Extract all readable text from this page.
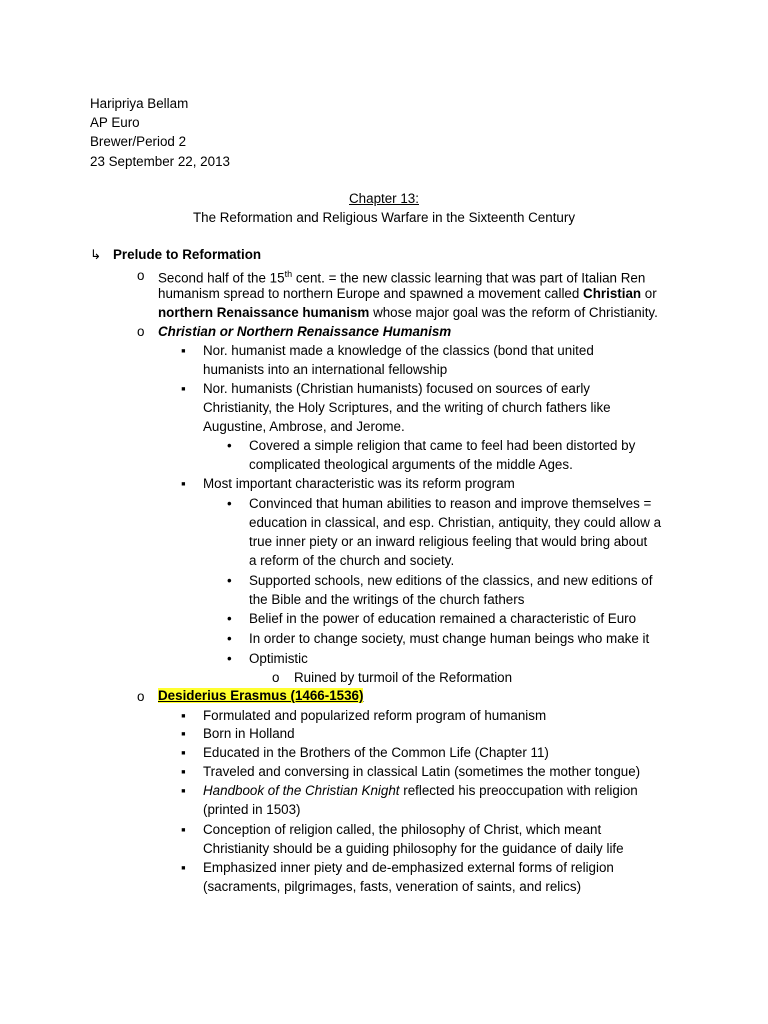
Haripriya Bellam
AP Euro
Brewer/Period 2
23 September 22, 2013
Chapter 13:
The Reformation and Religious Warfare in the Sixteenth Century
↳ Prelude to Reformation
o Second half of the 15th cent. = the new classic learning that was part of Italian Ren
humanism spread to northern Europe and spawned a movement called Christian or
northern Renaissance humanism whose major goal was the reform of Christianity.
o Christian or Northern Renaissance Humanism
▪ Nor. humanist made a knowledge of the classics (bond that united
humanists into an international fellowship
▪ Nor. humanists (Christian humanists) focused on sources of early
Christianity, the Holy Scriptures, and the writing of church fathers like
Augustine, Ambrose, and Jerome.
• Covered a simple religion that came to feel had been distorted by
complicated theological arguments of the middle Ages.
▪ Most important characteristic was its reform program
• Convinced that human abilities to reason and improve themselves =
education in classical, and esp. Christian, antiquity, they could allow a
true inner piety or an inward religious feeling that would bring about
a reform of the church and society.
• Supported schools, new editions of the classics, and new editions of
the Bible and the writings of the church fathers
• Belief in the power of education remained a characteristic of Euro
• In order to change society, must change human beings who make it
• Optimistic
o Ruined by turmoil of the Reformation
o Desiderius Erasmus (1466-1536)
▪ Formulated and popularized reform program of humanism
▪ Born in Holland
▪ Educated in the Brothers of the Common Life (Chapter 11)
▪ Traveled and conversing in classical Latin (sometimes the mother tongue)
▪ Handbook of the Christian Knight reflected his preoccupation with religion
(printed in 1503)
▪ Conception of religion called, the philosophy of Christ, which meant
Christianity should be a guiding philosophy for the guidance of daily life
▪ Emphasized inner piety and de-emphasized external forms of religion
(sacraments, pilgrimages, fasts, veneration of saints, and relics)
